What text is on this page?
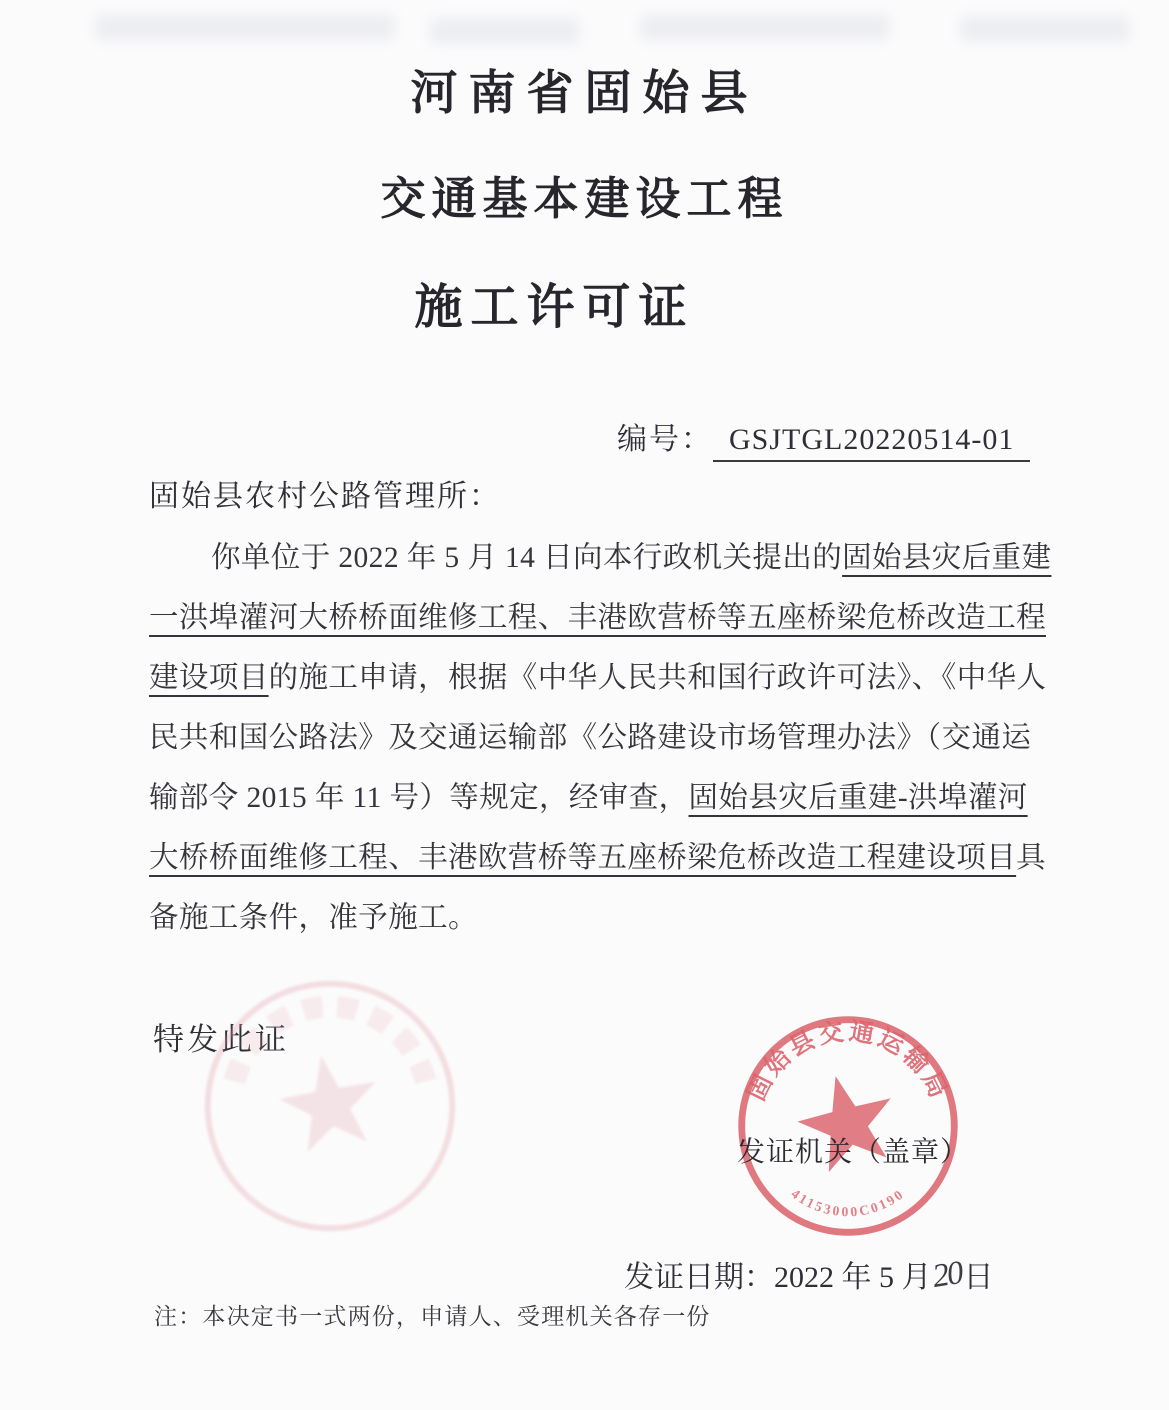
河南省固始县
交通基本建设工程
施工许可证
编号： GSJTGL20220514-01
固始县农村公路管理所：
你单位于 2022 年 5 月 14 日向本行政机关提出的固始县灾后重建
一洪埠灌河大桥桥面维修工程、丰港欧营桥等五座桥梁危桥改造工程
建设项目的施工申请，根据《中华人民共和国行政许可法》、《中华人
民共和国公路法》及交通运输部《公路建设市场管理办法》（交通运
输部令 2015 年 11 号）等规定，经审查，固始县灾后重建-洪埠灌河
大桥桥面维修工程、丰港欧营桥等五座桥梁危桥改造工程建设项目具
备施工条件，准予施工。
特发此证
固始县交通运输局
41153000C0190
发证机关（盖章）
发证日期：2022 年 5 月20日
注：本决定书一式两份，申请人、受理机关各存一份
